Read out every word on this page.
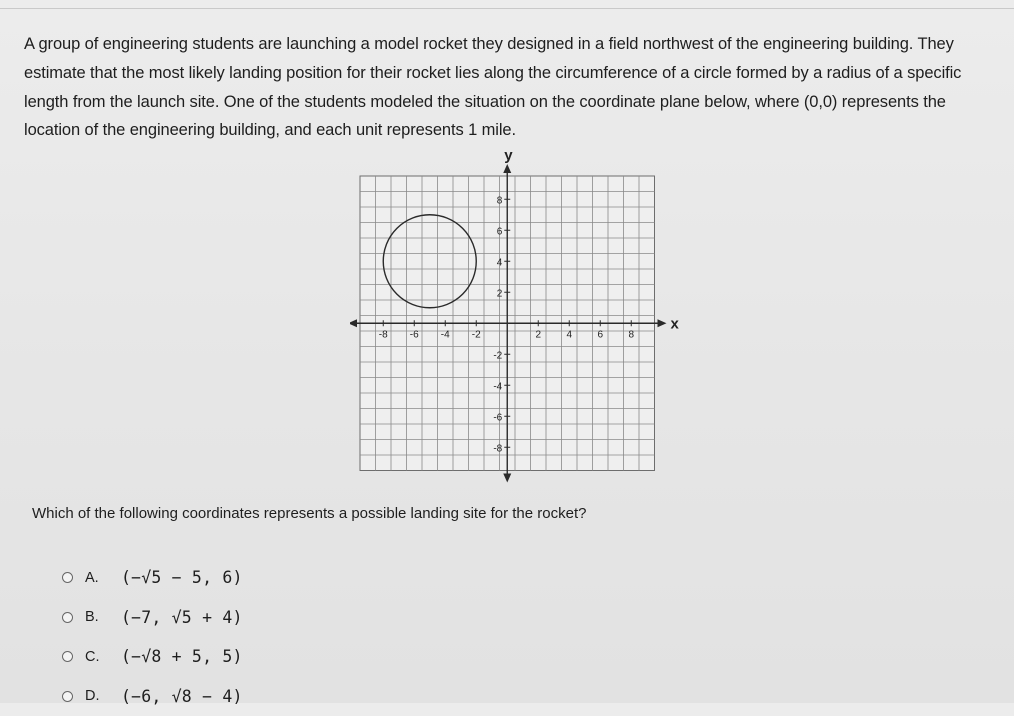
A group of engineering students are launching a model rocket they designed in a field northwest of the engineering building. They
estimate that the most likely landing position for their rocket lies along the circumference of a circle formed by a radius of a specific
length from the launch site. One of the students modeled the situation on the coordinate plane below, where (0,0) represents the
location of the engineering building, and each unit represents 1 mile.
y
x
-8 -6 -4 -2	2	4	6	8
8
6
4
2
-2
-4
-6
-8
Which of the following coordinates represents a possible landing site for the rocket?
A.	(−√5 − 5, 6)
B.	(−7, √5 + 4)
C.	(−√8 + 5, 5)
D.	(−6, √8 − 4)
